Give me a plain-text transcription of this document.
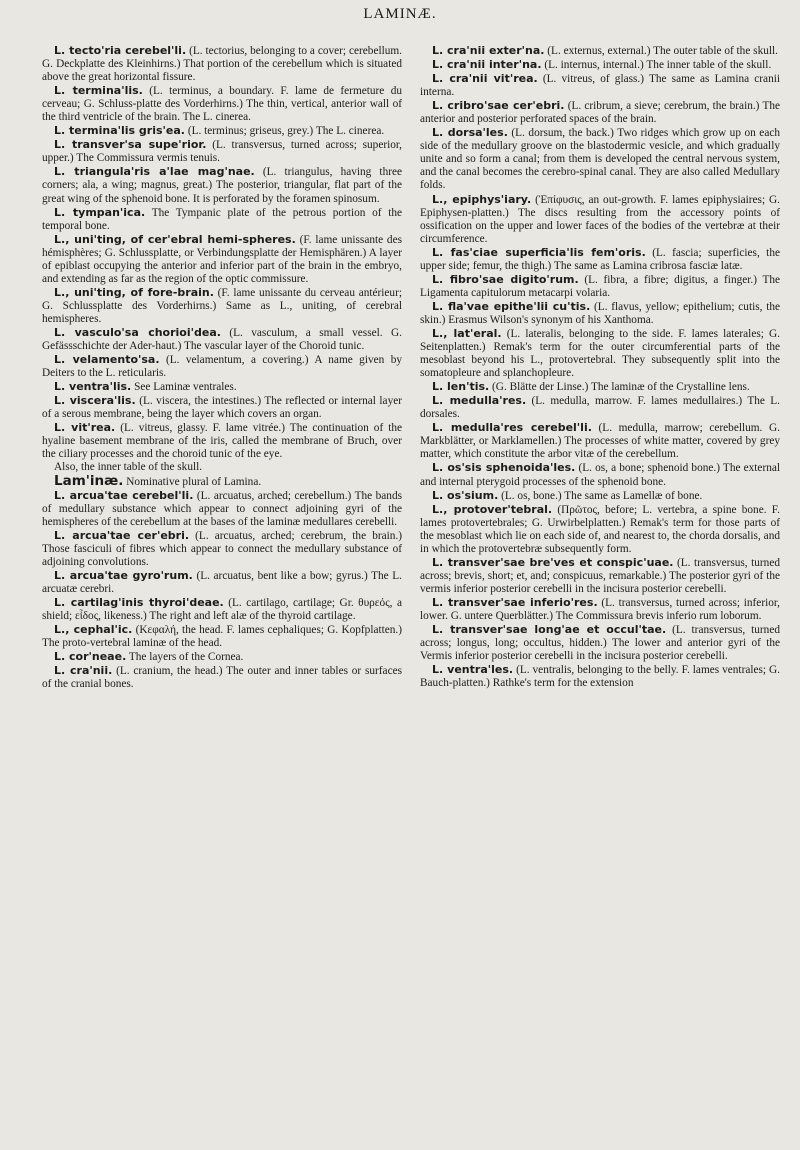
LAMINÆ.

L. tecto'ria cerebel'li. (L. tectorius, belonging to a cover; cerebellum. G. Deckplatte des Kleinhirns.) That portion of the cerebellum which is situated above the great horizontal fissure.

L. termina'lis. (L. terminus, a boundary. F. lame de fermeture du cerveau; G. Schluss-platte des Vorderhirns.) The thin, vertical, anterior wall of the third ventricle of the brain. The L. cinerea.

L. termina'lis gris'ea. (L. terminus; griseus, grey.) The L. cinerea.

L. transver'sa supe'rior. (L. transversus, turned across; superior, upper.) The Commissura vermis tenuis.

L. triangula'ris a'lae mag'nae. (L. triangulus, having three corners; ala, a wing; magnus, great.) The posterior, triangular, flat part of the great wing of the sphenoid bone. It is perforated by the foramen spinosum.

L. tympan'ica. The Tympanic plate of the petrous portion of the temporal bone.

L., uni'ting, of cer'ebral hemi-spheres. (F. lame unissante des hémisphères; G. Schlussplatte, or Verbindungsplatte der Hemisphären.) A layer of epiblast occupying the anterior and inferior part of the brain in the embryo, and extending as far as the region of the optic commissure.

L., uni'ting, of fore-brain. (F. lame unissante du cerveau antérieur; G. Schlussplatte des Vorderhirns.) Same as L., uniting, of cerebral hemispheres.

L. vasculo'sa chorioi'dea. (L. vasculum, a small vessel. G. Gefässschichte der Ader-haut.) The vascular layer of the Choroid tunic.

L. velamento'sa. (L. velamentum, a covering.) A name given by Deiters to the L. reticularis.

L. ventra'lis. See Laminæ ventrales.

L. viscera'lis. (L. viscera, the intestines.) The reflected or internal layer of a serous membrane, being the layer which covers an organ.

L. vit'rea. (L. vitreus, glassy. F. lame vitrée.) The continuation of the hyaline basement membrane of the iris, called the membrane of Bruch, over the ciliary processes and the choroid tunic of the eye.

Also, the inner table of the skull.

Lam'inæ. Nominative plural of Lamina.

L. arcua'tae cerebel'li. (L. arcuatus, arched; cerebellum.) The bands of medullary substance which appear to connect adjoining gyri of the hemispheres of the cerebellum at the bases of the laminæ medullares cerebelli.

L. arcua'tae cer'ebri. (L. arcuatus, arched; cerebrum, the brain.) Those fasciculi of fibres which appear to connect the medullary substance of adjoining convolutions.

L. arcua'tae gyro'rum. (L. arcuatus, bent like a bow; gyrus.) The L. arcuatæ cerebri.

L. cartilag'inis thyroi'deae. (L. cartilago, cartilage; Gr. θυρεός, a shield; εἶδος, likeness.) The right and left alæ of the thyroid cartilage.

L., cephal'ic. (Κεφαλή, the head. F. lames cephaliques; G. Kopfplatten.) The proto-vertebral laminæ of the head.

L. cor'neae. The layers of the Cornea.

L. cra'nii. (L. cranium, the head.) The outer and inner tables or surfaces of the cranial bones.

L. cra'nii exter'na. (L. externus, external.) The outer table of the skull.

L. cra'nii inter'na. (L. internus, internal.) The inner table of the skull.

L. cra'nii vit'rea. (L. vitreus, of glass.) The same as Lamina cranii interna.

L. cribro'sae cer'ebri. (L. cribrum, a sieve; cerebrum, the brain.) The anterior and posterior perforated spaces of the brain.

L. dorsa'les. (L. dorsum, the back.) Two ridges which grow up on each side of the medullary groove on the blastodermic vesicle, and which gradually unite and so form a canal; from them is developed the central nervous system, and the canal becomes the cerebro-spinal canal. They are also called Medullary folds.

L., epiphys'iary. (Ἐπίφυσις, an out-growth. F. lames epiphysiaires; G. Epiphysen-platten.) The discs resulting from the accessory points of ossification on the upper and lower faces of the bodies of the vertebræ at their circumference.

L. fas'ciae superficia'lis fem'oris. (L. fascia; superficies, the upper side; femur, the thigh.) The same as Lamina cribrosa fasciæ latæ.

L. fibro'sae digito'rum. (L. fibra, a fibre; digitus, a finger.) The Ligamenta capitulorum metacarpi volaria.

L. fla'vae epithe'lii cu'tis. (L. flavus, yellow; epithelium; cutis, the skin.) Erasmus Wilson's synonym of his Xanthoma.

L., lat'eral. (L. lateralis, belonging to the side. F. lames laterales; G. Seitenplatten.) Remak's term for the outer circumferential parts of the mesoblast beyond his L., protovertebral. They subsequently split into the somatopleure and splanchopleure.

L. len'tis. (G. Blätte der Linse.) The laminæ of the Crystalline lens.

L. medulla'res. (L. medulla, marrow. F. lames medullaires.) The L. dorsales.

L. medulla'res cerebel'li. (L. medulla, marrow; cerebellum. G. Markblätter, or Marklamellen.) The processes of white matter, covered by grey matter, which constitute the arbor vitæ of the cerebellum.

L. os'sis sphenoida'les. (L. os, a bone; sphenoid bone.) The external and internal pterygoid processes of the sphenoid bone.

L. os'sium. (L. os, bone.) The same as Lamellæ of bone.

L., protover'tebral. (Πρῶτος, before; L. vertebra, a spine bone. F. lames protovertebrales; G. Urwirbelplatten.) Remak's term for those parts of the mesoblast which lie on each side of, and nearest to, the chorda dorsalis, and in which the protovertebræ subsequently form.

L. transver'sae bre'ves et conspic'uae. (L. transversus, turned across; brevis, short; et, and; conspicuus, remarkable.) The posterior gyri of the vermis inferior posterior cerebelli in the incisura posterior cerebelli.

L. transver'sae inferio'res. (L. transversus, turned across; inferior, lower. G. untere Querblätter.) The Commissura brevis inferio rum loborum.

L. transver'sae long'ae et occul'tae. (L. transversus, turned across; longus, long; occultus, hidden.) The lower and anterior gyri of the Vermis inferior posterior cerebelli in the incisura posterior cerebelli.

L. ventra'les. (L. ventralis, belonging to the belly. F. lames ventrales; G. Bauch-platten.) Rathke's term for the extension
